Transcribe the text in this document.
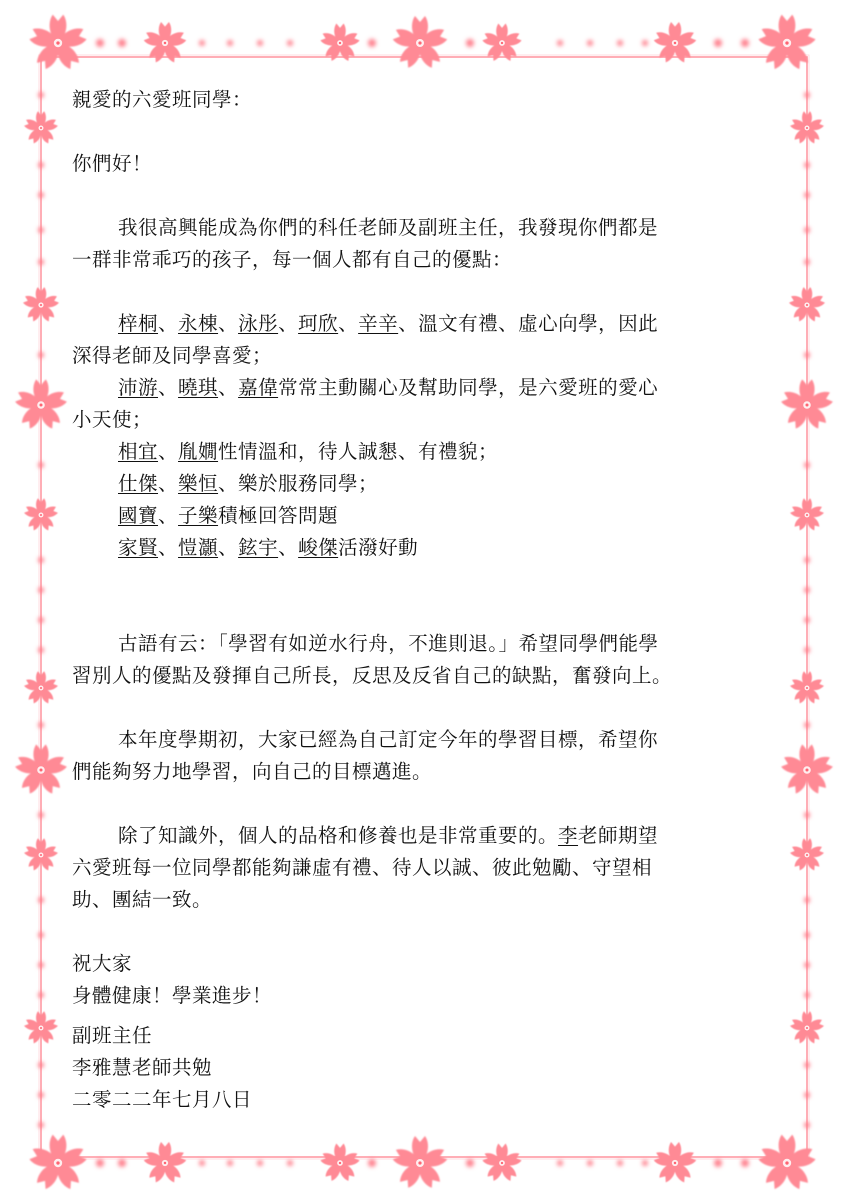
親愛的六愛班同學：

你們好！

我很高興能成為你們的科任老師及副班主任，我發現你們都是

一群非常乖巧的孩子，每一個人都有自己的優點：

梓桐、永棟、泳彤、珂欣、辛辛、溫文有禮、虛心向學，因此

深得老師及同學喜愛；

沛游、曉琪、嘉偉常常主動關心及幫助同學，是六愛班的愛心

小天使；

相宜、胤嫺性情溫和，待人誠懇、有禮貌；

仕傑、樂恒、樂於服務同學；

國寶、子樂積極回答問題

家賢、愷灝、鉉宇、峻傑活潑好動

古語有云：「學習有如逆水行舟，不進則退。」希望同學們能學

習別人的優點及發揮自己所長，反思及反省自己的缺點，奮發向上。

本年度學期初，大家已經為自己訂定今年的學習目標，希望你

們能夠努力地學習，向自己的目標邁進。

除了知識外，個人的品格和修養也是非常重要的。李老師期望

六愛班每一位同學都能夠謙虛有禮、待人以誠、彼此勉勵、守望相

助、團結一致。

祝大家

身體健康！學業進步！

副班主任

李雅慧老師共勉

二零二二年七月八日
